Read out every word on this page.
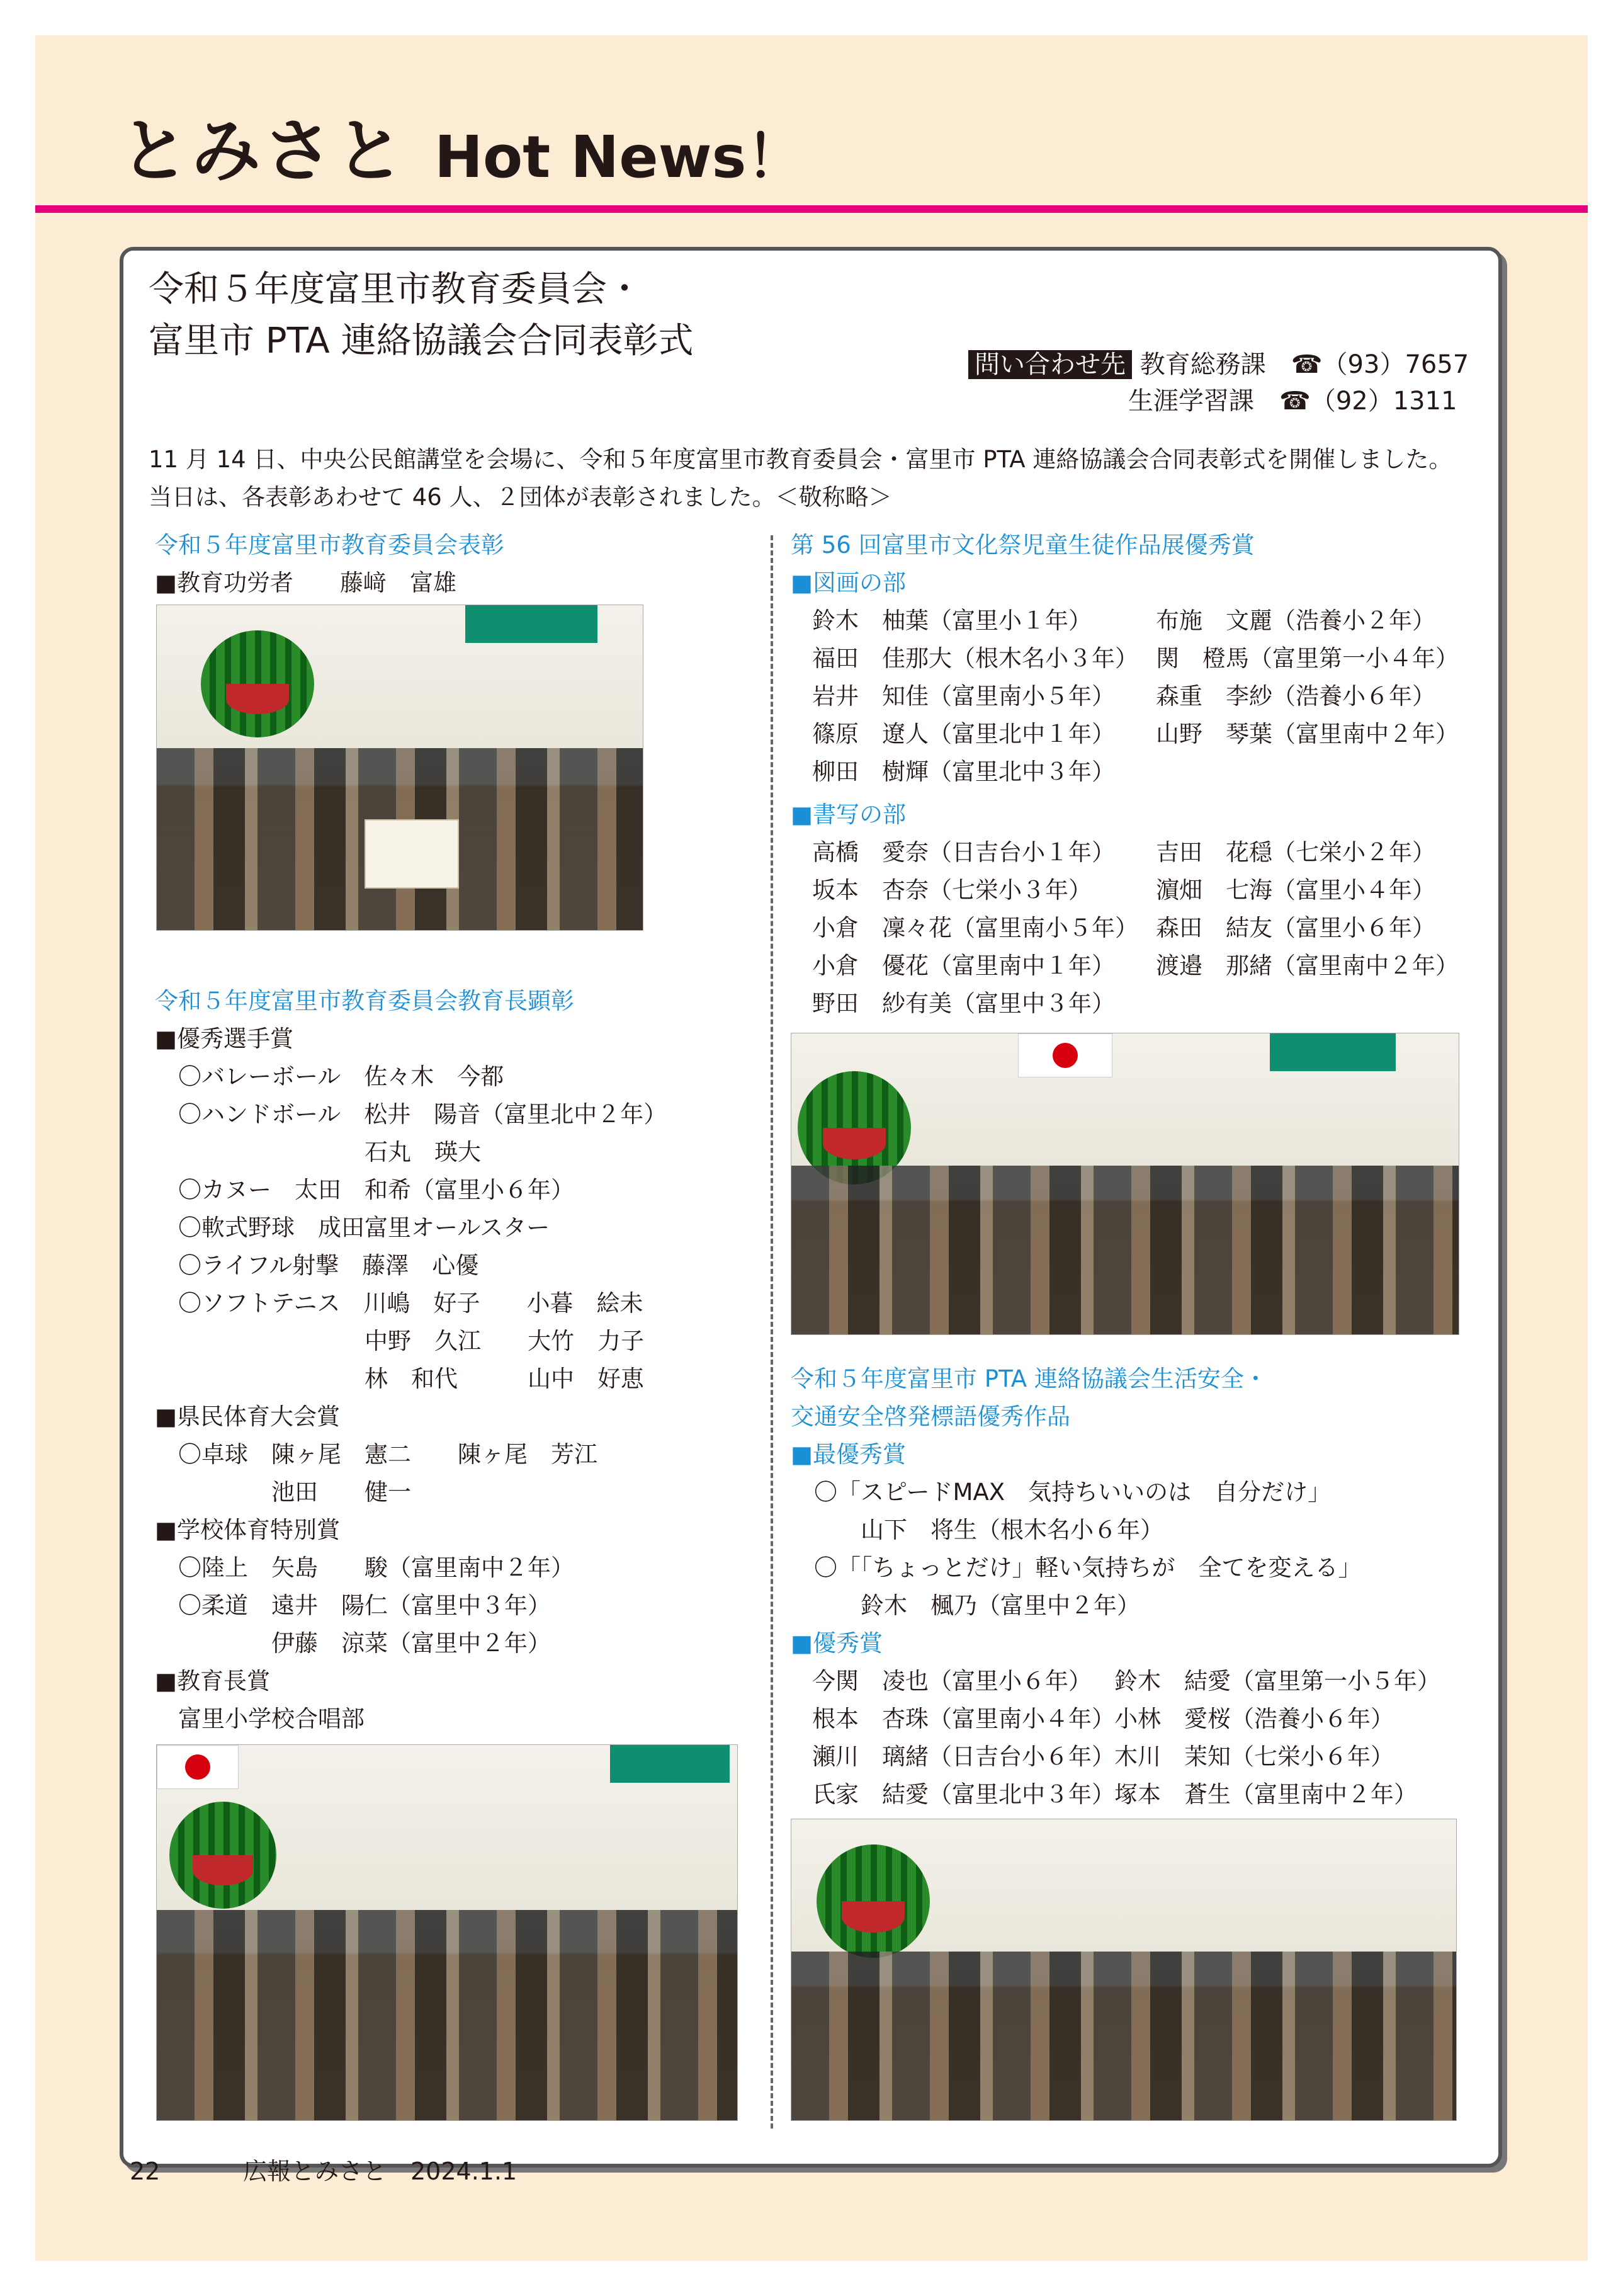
とみさと Hot News！
令和５年度富里市教育委員会・
富里市 PTA 連絡協議会合同表彰式
問い合わせ先 教育総務課　 ☎（93）7657
生涯学習課　 ☎（92）1311
11 月 14 日、中央公民館講堂を会場に、令和５年度富里市教育委員会・富里市 PTA 連絡協議会合同表彰式を開催しました。
当日は、各表彰あわせて 46 人、２団体が表彰されました。＜敬称略＞
令和５年度富里市教育委員会表彰
■教育功労者　　藤﨑　富雄
令和５年度富里市教育委員会教育長顕彰
■優秀選手賞
　〇バレーボール　佐々木　今都
　〇ハンドボール　松井　陽音（富里北中２年）
　　　　　　　　　石丸　瑛大
　〇カヌー　太田　和希（富里小６年）
　〇軟式野球　成田富里オールスター
　〇ライフル射撃　藤澤　心優
　〇ソフトテニス　川嶋　好子　　小暮　絵未
　　　　　　　　　中野　久江　　大竹　力子
　　　　　　　　　林　和代　　　山中　好恵
■県民体育大会賞
　〇卓球　陳ヶ尾　憲二　　陳ヶ尾　芳江
　　　　　池田　　健一
■学校体育特別賞
　〇陸上　矢島　　駿（富里南中２年）
　〇柔道　遠井　陽仁（富里中３年）
　　　　　伊藤　涼菜（富里中２年）
■教育長賞
　富里小学校合唱部
第 56 回富里市文化祭児童生徒作品展優秀賞
■図画の部
鈴木　柚葉（富里小１年）
福田　佳那大（根木名小３年）
岩井　知佳（富里南小５年）
篠原　遼人（富里北中１年）
柳田　樹輝（富里北中３年）
布施　文麗（浩養小２年）
関　橙馬（富里第一小４年）
森重　李紗（浩養小６年）
山野　琴葉（富里南中２年）
■書写の部
高橋　愛奈（日吉台小１年）
坂本　杏奈（七栄小３年）
小倉　凜々花（富里南小５年）
小倉　優花（富里南中１年）
野田　紗有美（富里中３年）
吉田　花穏（七栄小２年）
濵畑　七海（富里小４年）
森田　結友（富里小６年）
渡邉　那緒（富里南中２年）
令和５年度富里市 PTA 連絡協議会生活安全・
交通安全啓発標語優秀作品
■最優秀賞
　〇「スピードMAX　気持ちいいのは　自分だけ」
　　　山下　将生（根木名小６年）
　〇「「ちょっとだけ」軽い気持ちが　全てを変える」
　　　鈴木　楓乃（富里中２年）
■優秀賞
今関　凌也（富里小６年）
根本　杏珠（富里南小４年）
瀬川　璃緒（日吉台小６年）
氏家　結愛（富里北中３年）
鈴木　結愛（富里第一小５年）
小林　愛桜（浩養小６年）
木川　茉知（七栄小６年）
塚本　蒼生（富里南中２年）
22	広報とみさと　2024.1.1
